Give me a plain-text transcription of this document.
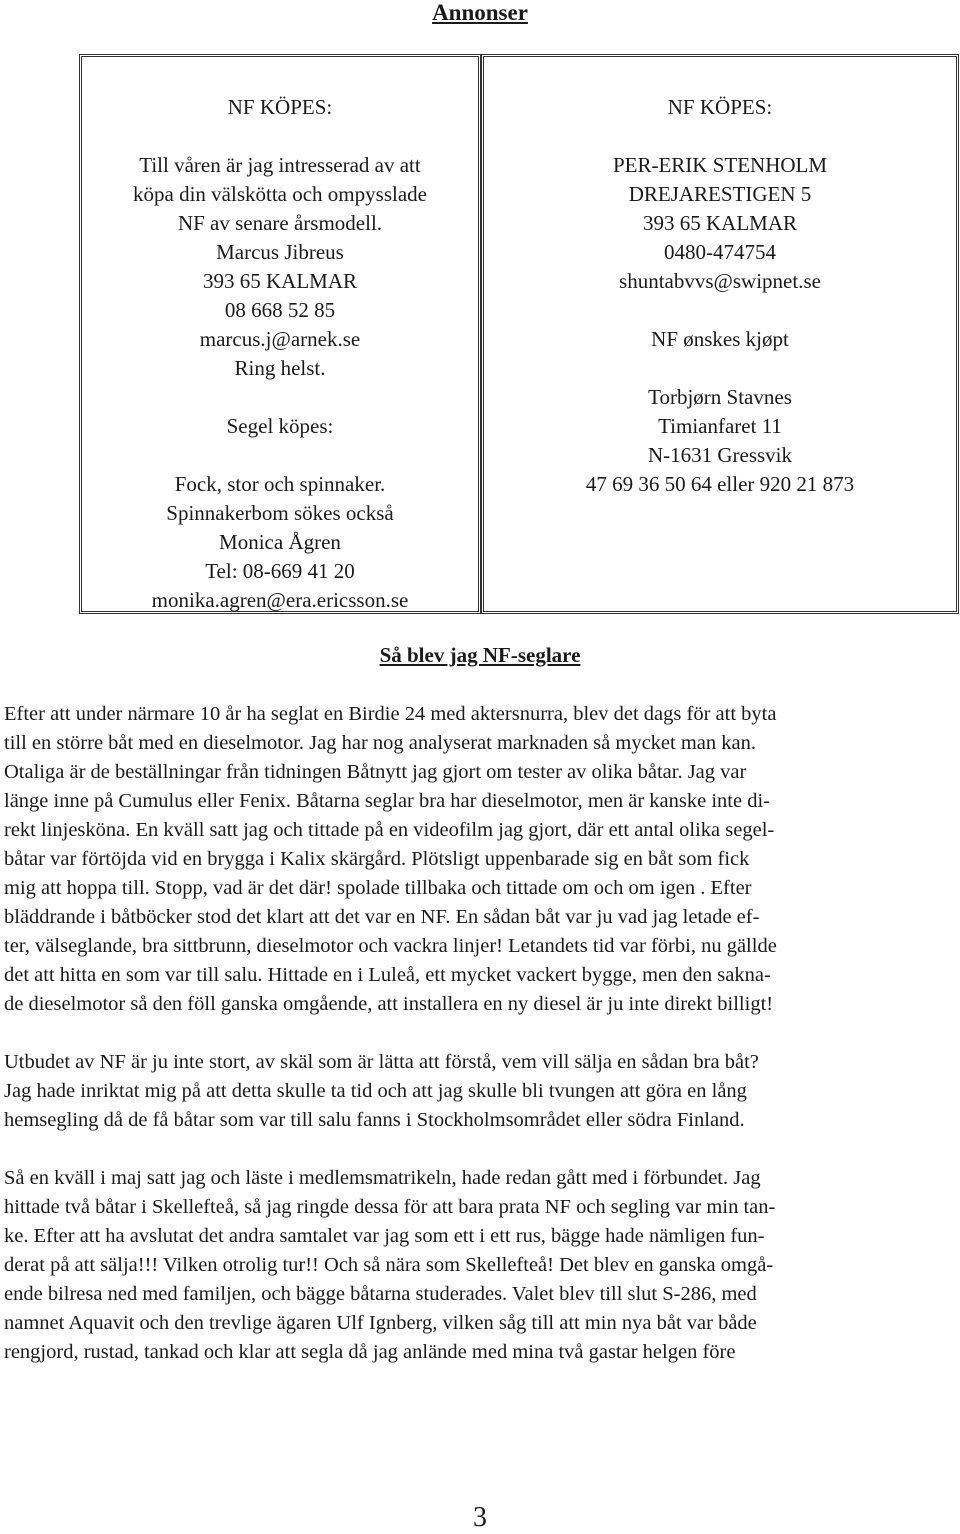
Annonser
NF KÖPES:
Till våren är jag intresserad av att
köpa din välskötta och ompysslade
NF av senare årsmodell.
Marcus Jibreus
393 65 KALMAR
08 668 52 85
marcus.j@arnek.se
Ring helst.
Segel köpes:
Fock, stor och spinnaker.
Spinnakerbom sökes också
Monica Ågren
Tel: 08-669 41 20
monika.agren@era.ericsson.se
NF KÖPES:
PER-ERIK STENHOLM
DREJARESTIGEN 5
393 65 KALMAR
0480-474754
shuntabvvs@swipnet.se
NF ønskes kjøpt
Torbjørn Stavnes
Timianfaret 11
N-1631 Gressvik
47 69 36 50 64 eller 920 21 873
Så blev jag NF-seglare
Efter att under närmare 10 år ha seglat en Birdie 24 med aktersnurra, blev det dags för att byta
till en större båt med en dieselmotor. Jag har nog analyserat marknaden så mycket man kan.
Otaliga är de beställningar från tidningen Båtnytt jag gjort om tester av olika båtar. Jag var
länge inne på Cumulus eller Fenix. Båtarna seglar bra har dieselmotor, men är kanske inte di-
rekt linjesköna. En kväll satt jag och tittade på en videofilm jag gjort, där ett antal olika segel-
båtar var förtöjda vid en brygga i Kalix skärgård. Plötsligt uppenbarade sig en båt som fick
mig att hoppa till. Stopp, vad är det där! spolade tillbaka och tittade om och om igen . Efter
bläddrande i båtböcker stod det klart att det var en NF. En sådan båt var ju vad jag letade ef-
ter, välseglande, bra sittbrunn, dieselmotor och vackra linjer! Letandets tid var förbi, nu gällde
det att hitta en som var till salu. Hittade en i Luleå, ett mycket vackert bygge, men den sakna-
de dieselmotor så den föll ganska omgående, att installera en ny diesel är ju inte direkt billigt!
Utbudet av NF är ju inte stort, av skäl som är lätta att förstå, vem vill sälja en sådan bra båt?
Jag hade inriktat mig på att detta skulle ta tid och att jag skulle bli tvungen att göra en lång
hemsegling då de få båtar som var till salu fanns i Stockholmsområdet eller södra Finland.
Så en kväll i maj satt jag och läste i medlemsmatrikeln, hade redan gått med i förbundet. Jag
hittade två båtar i Skellefteå, så jag ringde dessa för att bara prata NF och segling var min tan-
ke. Efter att ha avslutat det andra samtalet var jag som ett i ett rus, bägge hade nämligen fun-
derat på att sälja!!! Vilken otrolig tur!! Och så nära som Skellefteå! Det blev en ganska omgå-
ende bilresa ned med familjen, och bägge båtarna studerades. Valet blev till slut S-286, med
namnet Aquavit och den trevlige ägaren Ulf Ignberg, vilken såg till att min nya båt var både
rengjord, rustad, tankad och klar att segla då jag anlände med mina två gastar helgen före
3
